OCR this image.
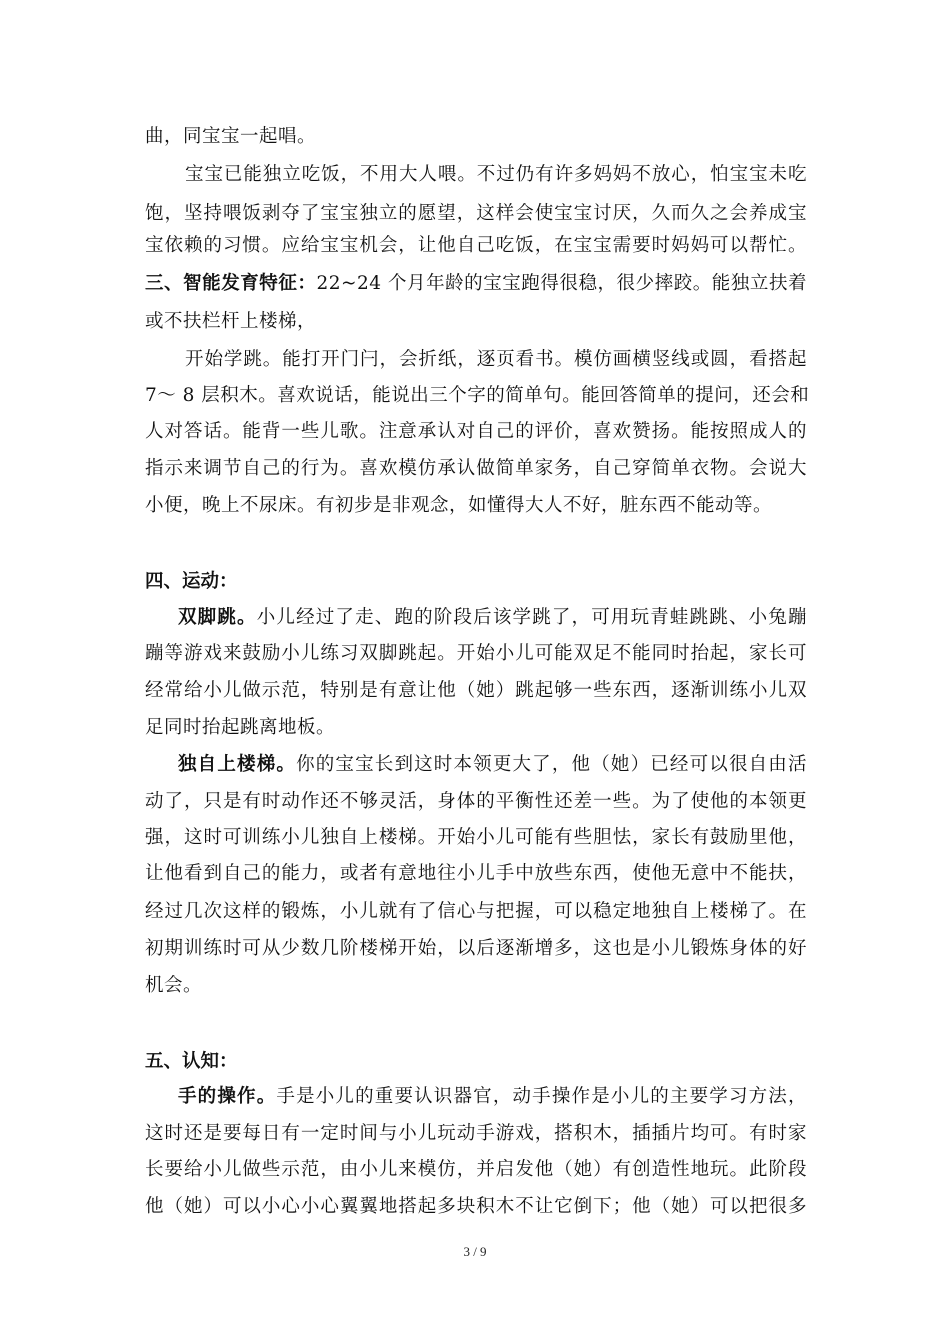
曲，同宝宝一起唱。
宝宝已能独立吃饭，不用大人喂。不过仍有许多妈妈不放心，怕宝宝未吃
饱，坚持喂饭剥夺了宝宝独立的愿望，这样会使宝宝讨厌，久而久之会养成宝
宝依赖的习惯。应给宝宝机会，让他自己吃饭，在宝宝需要时妈妈可以帮忙。
三、智能发育特征：22~24 个月年龄的宝宝跑得很稳，很少摔跤。能独立扶着
或不扶栏杆上楼梯，
开始学跳。能打开门闩，会折纸，逐页看书。模仿画横竖线或圆，看搭起
7～ 8 层积木。喜欢说话，能说出三个字的简单句。能回答简单的提问，还会和
人对答话。能背一些儿歌。注意承认对自己的评价，喜欢赞扬。能按照成人的
指示来调节自己的行为。喜欢模仿承认做简单家务，自己穿简单衣物。会说大
小便，晚上不尿床。有初步是非观念，如懂得大人不好，脏东西不能动等。
四、运动：
双脚跳。小儿经过了走、跑的阶段后该学跳了，可用玩青蛙跳跳、小兔蹦
蹦等游戏来鼓励小儿练习双脚跳起。开始小儿可能双足不能同时抬起，家长可
经常给小儿做示范，特别是有意让他（她）跳起够一些东西，逐渐训练小儿双
足同时抬起跳离地板。
独自上楼梯。你的宝宝长到这时本领更大了，他（她）已经可以很自由活
动了，只是有时动作还不够灵活，身体的平衡性还差一些。为了使他的本领更
强，这时可训练小儿独自上楼梯。开始小儿可能有些胆怯，家长有鼓励里他，
让他看到自己的能力，或者有意地往小儿手中放些东西，使他无意中不能扶，
经过几次这样的锻炼，小儿就有了信心与把握，可以稳定地独自上楼梯了。在
初期训练时可从少数几阶楼梯开始，以后逐渐增多，这也是小儿锻炼身体的好
机会。
五、认知：
手的操作。手是小儿的重要认识器官，动手操作是小儿的主要学习方法，
这时还是要每日有一定时间与小儿玩动手游戏，搭积木，插插片均可。有时家
长要给小儿做些示范，由小儿来模仿，并启发他（她）有创造性地玩。此阶段
他（她）可以小心小心翼翼地搭起多块积木不让它倒下；他（她）可以把很多
3 / 9
